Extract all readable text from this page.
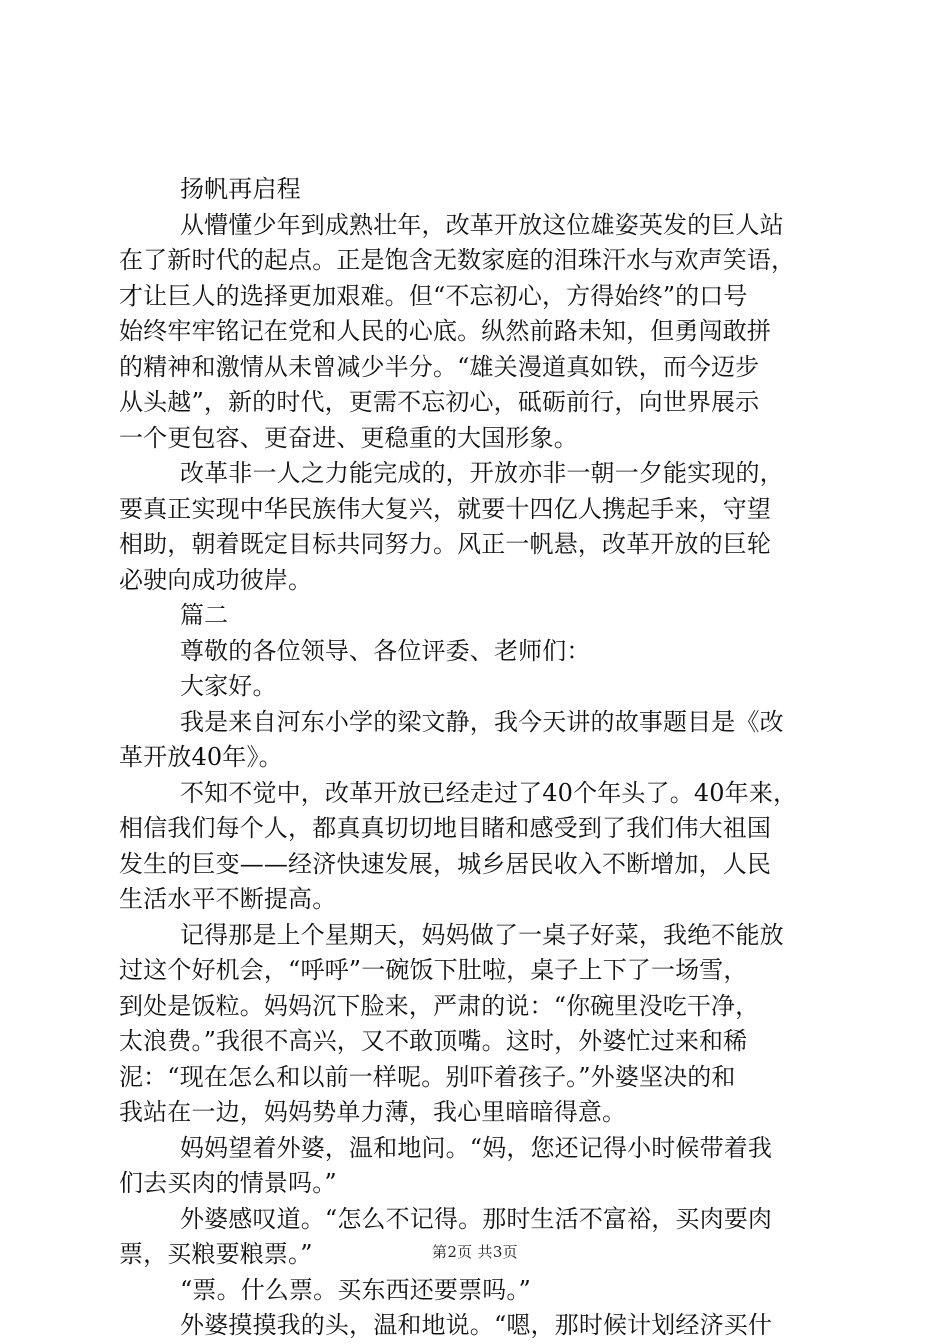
扬帆再启程
从懵懂少年到成熟壮年，改革开放这位雄姿英发的巨人站
在了新时代的起点。正是饱含无数家庭的泪珠汗水与欢声笑语，
才让巨人的选择更加艰难。但“不忘初心，方得始终”的口号
始终牢牢铭记在党和人民的心底。纵然前路未知，但勇闯敢拼
的精神和激情从未曾减少半分。“雄关漫道真如铁，而今迈步
从头越”，新的时代，更需不忘初心，砥砺前行，向世界展示
一个更包容、更奋进、更稳重的大国形象。
改革非一人之力能完成的，开放亦非一朝一夕能实现的，
要真正实现中华民族伟大复兴，就要十四亿人携起手来，守望
相助，朝着既定目标共同努力。风正一帆悬，改革开放的巨轮
必驶向成功彼岸。
篇二
尊敬的各位领导、各位评委、老师们：
大家好。
我是来自河东小学的梁文静，我今天讲的故事题目是《改
革开放40年》。
不知不觉中，改革开放已经走过了40个年头了。40年来，
相信我们每个人，都真真切切地目睹和感受到了我们伟大祖国
发生的巨变——经济快速发展，城乡居民收入不断增加，人民
生活水平不断提高。
记得那是上个星期天，妈妈做了一桌子好菜，我绝不能放
过这个好机会，“呼呼”一碗饭下肚啦，桌子上下了一场雪，
到处是饭粒。妈妈沉下脸来，严肃的说：“你碗里没吃干净，
太浪费。”我很不高兴，又不敢顶嘴。这时，外婆忙过来和稀
泥：“现在怎么和以前一样呢。别吓着孩子。”外婆坚决的和
我站在一边，妈妈势单力薄，我心里暗暗得意。
妈妈望着外婆，温和地问。“妈，您还记得小时候带着我
们去买肉的情景吗。”
外婆感叹道。“怎么不记得。那时生活不富裕，买肉要肉
票，买粮要粮票。”
“票。什么票。买东西还要票吗。”
外婆摸摸我的头，温和地说。“嗯，那时候计划经济买什
第2页 共3页
